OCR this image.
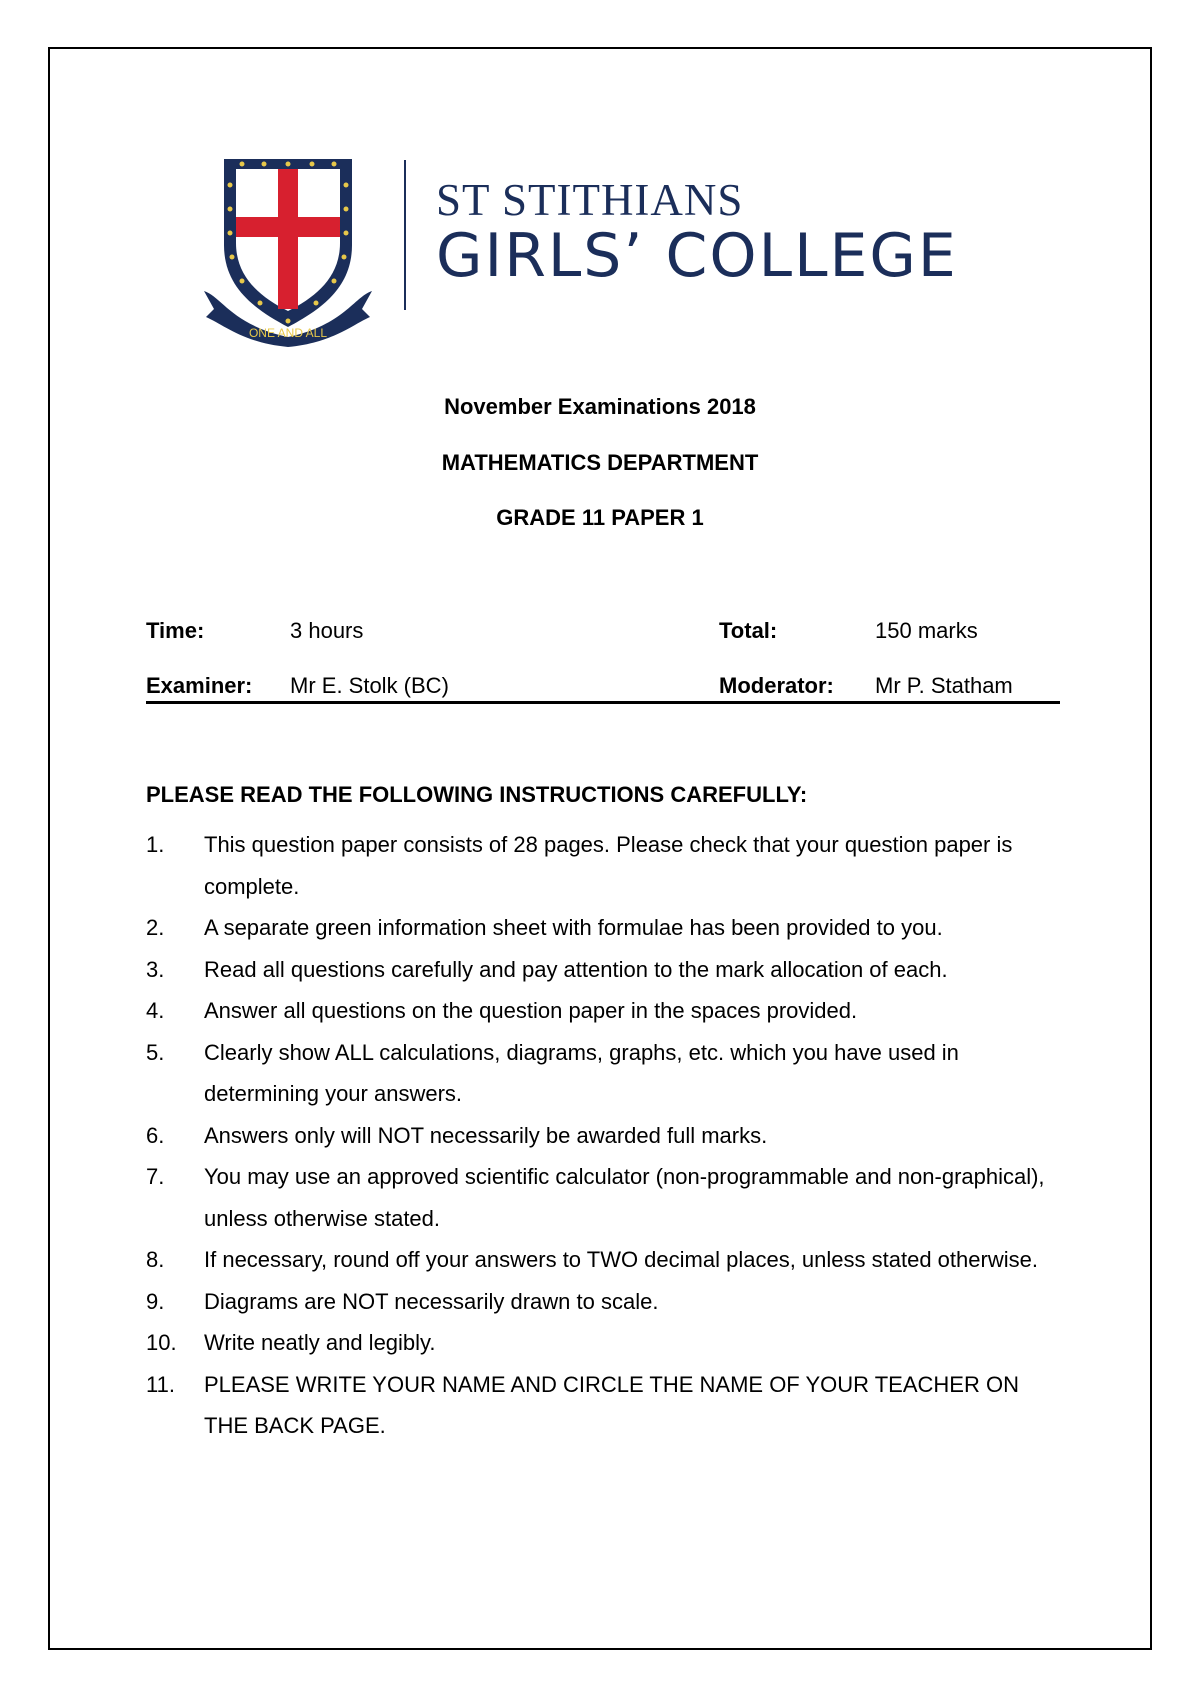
ONE AND ALL
ST STITHIANS
GIRLS’ COLLEGE
November Examinations 2018
MATHEMATICS DEPARTMENT
GRADE 11 PAPER 1
Time:	3 hours	Total:	150 marks
Examiner: Mr E. Stolk (BC)	Moderator: Mr P. Statham
PLEASE READ THE FOLLOWING INSTRUCTIONS CAREFULLY:
1. This question paper consists of 28 pages. Please check that your question paper is complete.
2. A separate green information sheet with formulae has been provided to you.
3. Read all questions carefully and pay attention to the mark allocation of each.
4. Answer all questions on the question paper in the spaces provided.
5. Clearly show ALL calculations, diagrams, graphs, etc. which you have used in determining your answers.
6. Answers only will NOT necessarily be awarded full marks.
7. You may use an approved scientific calculator (non-programmable and non-graphical), unless otherwise stated.
8. If necessary, round off your answers to TWO decimal places, unless stated otherwise.
9. Diagrams are NOT necessarily drawn to scale.
10. Write neatly and legibly.
11. PLEASE WRITE YOUR NAME AND CIRCLE THE NAME OF YOUR TEACHER ON THE BACK PAGE.
